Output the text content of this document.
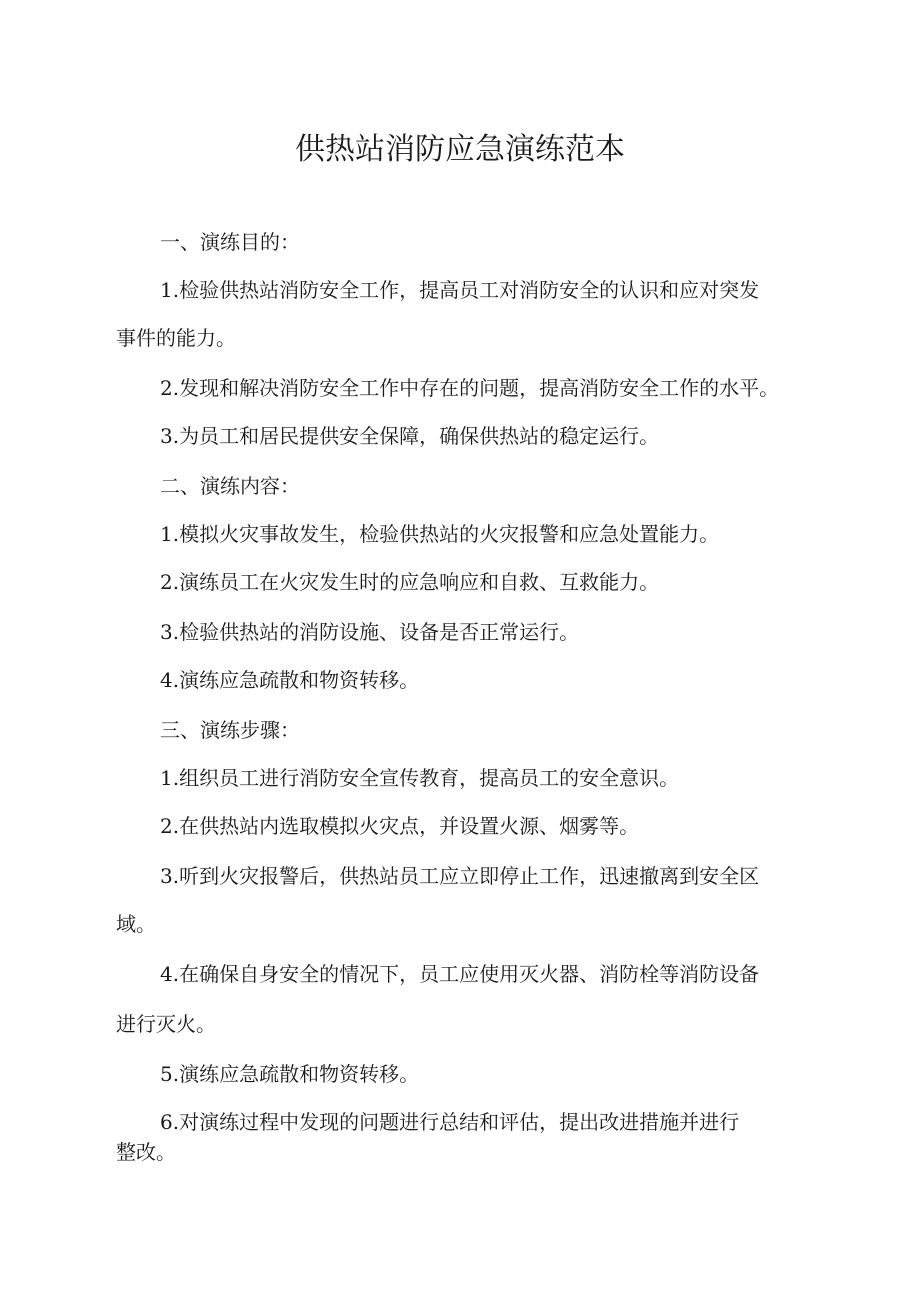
供热站消防应急演练范本

一、演练目的：

1.检验供热站消防安全工作，提高员工对消防安全的认识和应对突发

事件的能力。

2.发现和解决消防安全工作中存在的问题，提高消防安全工作的水平。

3.为员工和居民提供安全保障，确保供热站的稳定运行。

二、演练内容：

1.模拟火灾事故发生，检验供热站的火灾报警和应急处置能力。

2.演练员工在火灾发生时的应急响应和自救、互救能力。

3.检验供热站的消防设施、设备是否正常运行。

4.演练应急疏散和物资转移。

三、演练步骤：

1.组织员工进行消防安全宣传教育，提高员工的安全意识。

2.在供热站内选取模拟火灾点，并设置火源、烟雾等。

3.听到火灾报警后，供热站员工应立即停止工作，迅速撤离到安全区

域。

4.在确保自身安全的情况下，员工应使用灭火器、消防栓等消防设备

进行灭火。

5.演练应急疏散和物资转移。

6.对演练过程中发现的问题进行总结和评估，提出改进措施并进行

整改。
